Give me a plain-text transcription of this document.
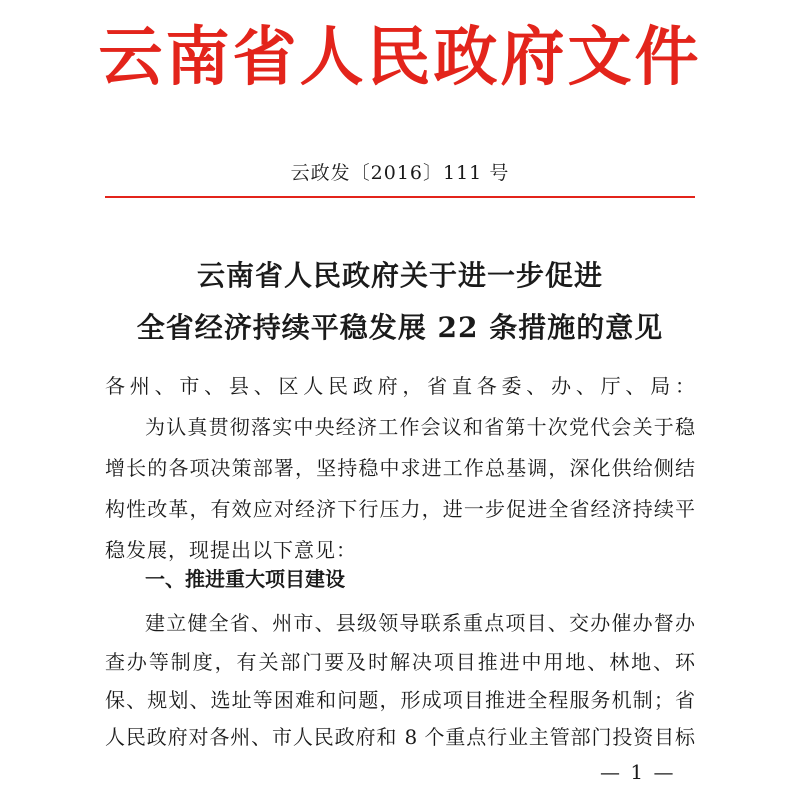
云南省人民政府文件
云政发〔2016〕111 号
云南省人民政府关于进一步促进
全省经济持续平稳发展 22 条措施的意见
各州、市、县、区人民政府，省直各委、办、厅、局：
为认真贯彻落实中央经济工作会议和省第十次党代会关于稳
增长的各项决策部署，坚持稳中求进工作总基调，深化供给侧结
构性改革，有效应对经济下行压力，进一步促进全省经济持续平
稳发展，现提出以下意见：
一、推进重大项目建设
建立健全省、州市、县级领导联系重点项目、交办催办督办
查办等制度，有关部门要及时解决项目推进中用地、林地、环
保、规划、选址等困难和问题，形成项目推进全程服务机制；省
人民政府对各州、市人民政府和 8 个重点行业主管部门投资目标
— 1 —
